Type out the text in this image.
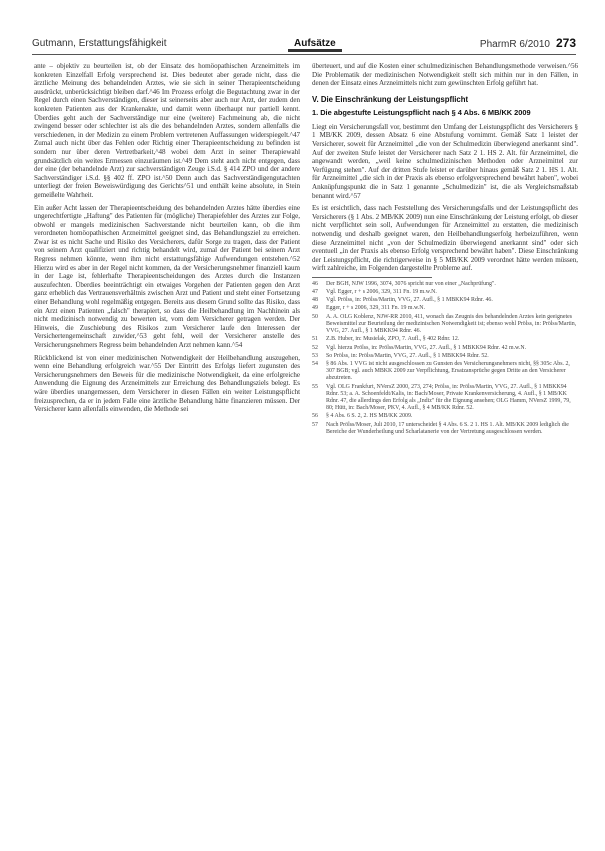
Gutmann, Erstattungsfähigkeit	Aufsätze	PharmR 6/2010 273

ante – objektiv zu beurteilen ist, ob der Einsatz des homöopathischen Arzneimittels im konkreten Einzelfall Erfolg versprechend ist. Dies bedeutet aber gerade nicht, dass die ärztliche Meinung des behandelnden Arztes, wie sie sich in seiner Therapieentscheidung ausdrückt, unberücksichtigt bleiben darf.^46 Im Prozess erfolgt die Begutachtung zwar in der Regel durch einen Sachverständigen, dieser ist seinerseits aber auch nur Arzt, der zudem den konkreten Patienten aus der Krankenakte, und damit wenn überhaupt nur partiell kennt. Überdies geht auch der Sachverständige nur eine (weitere) Fachmeinung ab, die nicht zwingend besser oder schlechter ist als die des behandelnden Arztes, sondern allenfalls die verschiedenen, in der Medizin zu einem Problem vertretenen Auffassungen widerspiegelt.^47 Zumal auch nicht über das Fehlen oder Richtig einer Therapieentscheidung zu befinden ist sondern nur über deren Vertretbarkeit,^48 wobei dem Arzt in seiner Therapiewahl grundsätzlich ein weites Ermessen einzuräumen ist.^49 Dem steht auch nicht entgegen, dass der eine (der behandelnde Arzt) zur sachverständigen Zeuge i.S.d. § 414 ZPO und der andere Sachverständiger i.S.d. §§ 402 ff. ZPO ist.^50 Denn auch das Sachverständigengutachten unterliegt der freien Beweiswürdigung des Gerichts^51 und enthält keine absolute, in Stein gemeißelte Wahrheit.

Ein außer Acht lassen der Therapieentscheidung des behandelnden Arztes hätte überdies eine ungerechtfertigte „Haftung" des Patienten für (mögliche) Therapiefehler des Arztes zur Folge, obwohl er mangels medizinischen Sachverstande nicht beurteilen kann, ob die ihm verordneten homöopathischen Arzneimittel geeignet sind, das Behandlungsziel zu erreichen. Zwar ist es nicht Sache und Risiko des Versicherers, dafür Sorge zu tragen, dass der Patient von seinem Arzt qualifiziert und richtig behandelt wird, zumal der Patient bei seinem Arzt Regress nehmen könnte, wenn ihm nicht erstattungsfähige Aufwendungen entstehen.^52 Hierzu wird es aber in der Regel nicht kommen, da der Versicherungsnehmer finanziell kaum in der Lage ist, fehlerhafte Therapieentscheidungen des Arztes durch die Instanzen auszufechten. Überdies beeinträchtigt ein etwaiges Vorgehen der Patienten gegen den Arzt ganz erheblich das Vertrauensverhältnis zwischen Arzt und Patient und steht einer Fortsetzung einer Behandlung wohl regelmäßig entgegen. Bereits aus diesem Grund sollte das Risiko, dass ein Arzt einen Patienten „falsch" therapiert, so dass die Heilbehandlung im Nachhinein als nicht medizinisch notwendig zu bewerten ist, vom dem Versicherer getragen werden. Der Hinweis, die Zuschiebung des Risikos zum Versicherer laufe den Interessen der Versichertengemeinschaft zuwider,^53 geht fehl, weil der Versicherer anstelle des Versicherungsnehmers Regress beim behandelnden Arzt nehmen kann.^54

Rückblickend ist von einer medizinischen Notwendigkeit der Heilbehandlung auszugehen, wenn eine Behandlung erfolgreich war.^55 Der Eintritt des Erfolgs liefert zugunsten des Versicherungsnehmers den Beweis für die medizinische Notwendigkeit, da eine erfolgreiche Anwendung die Eignung des Arzneimittels zur Erreichung des Behandlungsziels belegt. Es wäre überdies unangemessen, dem Versicherer in diesen Fällen ein weiter Leistungspflicht freizusprechen, da er in jedem Falle eine ärztliche Behandlung hätte finanzieren müssen. Der Versicherer kann allenfalls einwenden, die Methode sei

überteuert, und auf die Kosten einer schulmedizinischen Behandlungsmethode verweisen.^56 Die Problematik der medizinischen Notwendigkeit stellt sich mithin nur in den Fällen, in denen der Einsatz eines Arzneimittels nicht zum gewünschten Erfolg geführt hat.

V. Die Einschränkung der Leistungspflicht
1. Die abgestufte Leistungspflicht nach § 4 Abs. 6 MB/KK 2009

Liegt ein Versicherungsfall vor, bestimmt den Umfang der Leistungspflicht des Versicherers § 1 MB/KK 2009, dessen Absatz 6 eine Abstufung vornimmt. Gemäß Satz 1 leistet der Versicherer, soweit für Arzneimittel „die von der Schulmedizin überwiegend anerkannt sind". Auf der zweiten Stufe leistet der Versicherer nach Satz 2 1. HS 2. Alt. für Arzneimittel, die angewandt werden, „weil keine schulmedizinischen Methoden oder Arzneimittel zur Verfügung stehen". Auf der dritten Stufe leistet er darüber hinaus gemäß Satz 2 1. HS 1. Alt. für Arzneimittel „die sich in der Praxis als ebenso erfolgversprechend bewährt haben", wobei Anknüpfungspunkt die in Satz 1 genannte „Schulmedizin" ist, die als Vergleichsmaßstab benannt wird.^57

Es ist ersichtlich, dass nach Feststellung des Versicherungsfalls und der Leistungspflicht des Versicherers (§ 1 Abs. 2 MB/KK 2009) nun eine Einschränkung der Leistung erfolgt, ob dieser nicht verpflichtet sein soll, Aufwendungen für Arzneimittel zu erstatten, die medizinisch notwendig und deshalb geeignet waren, den Heilbehandlungserfolg herbeizuführen, wenn diese Arzneimittel nicht „von der Schulmedizin überwiegend anerkannt sind" oder sich eventuell „in der Praxis als ebenso Erfolg versprechend bewährt haben". Diese Einschränkung der Leistungspflicht, die richtigerweise in § 5 MB/KK 2009 verordnet hätte werden müssen, wirft zahlreiche, im Folgenden dargestellte Probleme auf.

46	Der BGH, NJW 1996, 3074, 3076 spricht nur von einer „Nachprüfung".
47	Vgl. Egger, r + s 2006, 329, 311 Fn. 19 m.w.N.
48	Vgl. Prölss, in: Prölss/Martin, VVG, 27. Aufl., § 1 MBKK94 Rdnr. 46.
49	Egger, r + s 2006, 329, 311 Fn. 19 m.w.N.
50	A. A. OLG Koblenz, NJW-RR 2010, 411, wonach das Zeugnis des behandelnden Arztes kein geeignetes Beweismittel zur Beurteilung der medizinischen Notwendigkeit ist; ebenso wohl Prölss, in: Prölss/Martin, VVG, 27. Aufl., § 1 MBKK94 Rdnr. 46.
51	Z.B. Huber, in: Musielak, ZPO, 7. Aufl., § 402 Rdnr. 12.
52	Vgl. hierzu Prölss, in: Prölss/Martin, VVG, 27. Aufl., § 1 MBKK94 Rdnr. 42 m.w.N.
53	So Prölss, in: Prölss/Martin, VVG, 27. Aufl., § 1 MBKK94 Rdnr. 52.
54	§ 86 Abs. 1 VVG ist nicht ausgeschlossen zu Gunsten des Versicherungsnehmers nicht, §§ 305c Abs. 2, 307 BGB; vgl. auch MBKK 2009 zur Verpflichtung, Ersatzansprüche gegen Dritte an den Versicherer abzutreten.
55	Vgl. OLG Frankfurt, NVersZ 2000, 273, 274; Prölss, in: Prölss/Martin, VVG, 27. Aufl., § 1 MBKK94 Rdnr. 53; a. A. Schoenfeldt/Kalis, in: Bach/Moser, Private Krankenversicherung, 4. Aufl., § 1 MB/KK Rdnr. 47, die allerdings den Erfolg als „Indiz" für die Eignung ansehen; OLG Hamm, NVersZ 1999, 79, 80; Hütt, in: Bach/Moser, PKV, 4. Aufl., § 4 MB/KK Rdnr. 52.
56	§ 4 Abs. 6 S. 2, 2. HS MB/KK 2009.
57	Nach Prölss/Moser, Juli 2010, 17 unterscheidet § 4 Abs. 6 S. 2 1. HS 1. Alt. MB/KK 2009 lediglich die Bereiche der Wunderheilung und Scharlatanerie von der Vertretung ausgeschlossen werden.
